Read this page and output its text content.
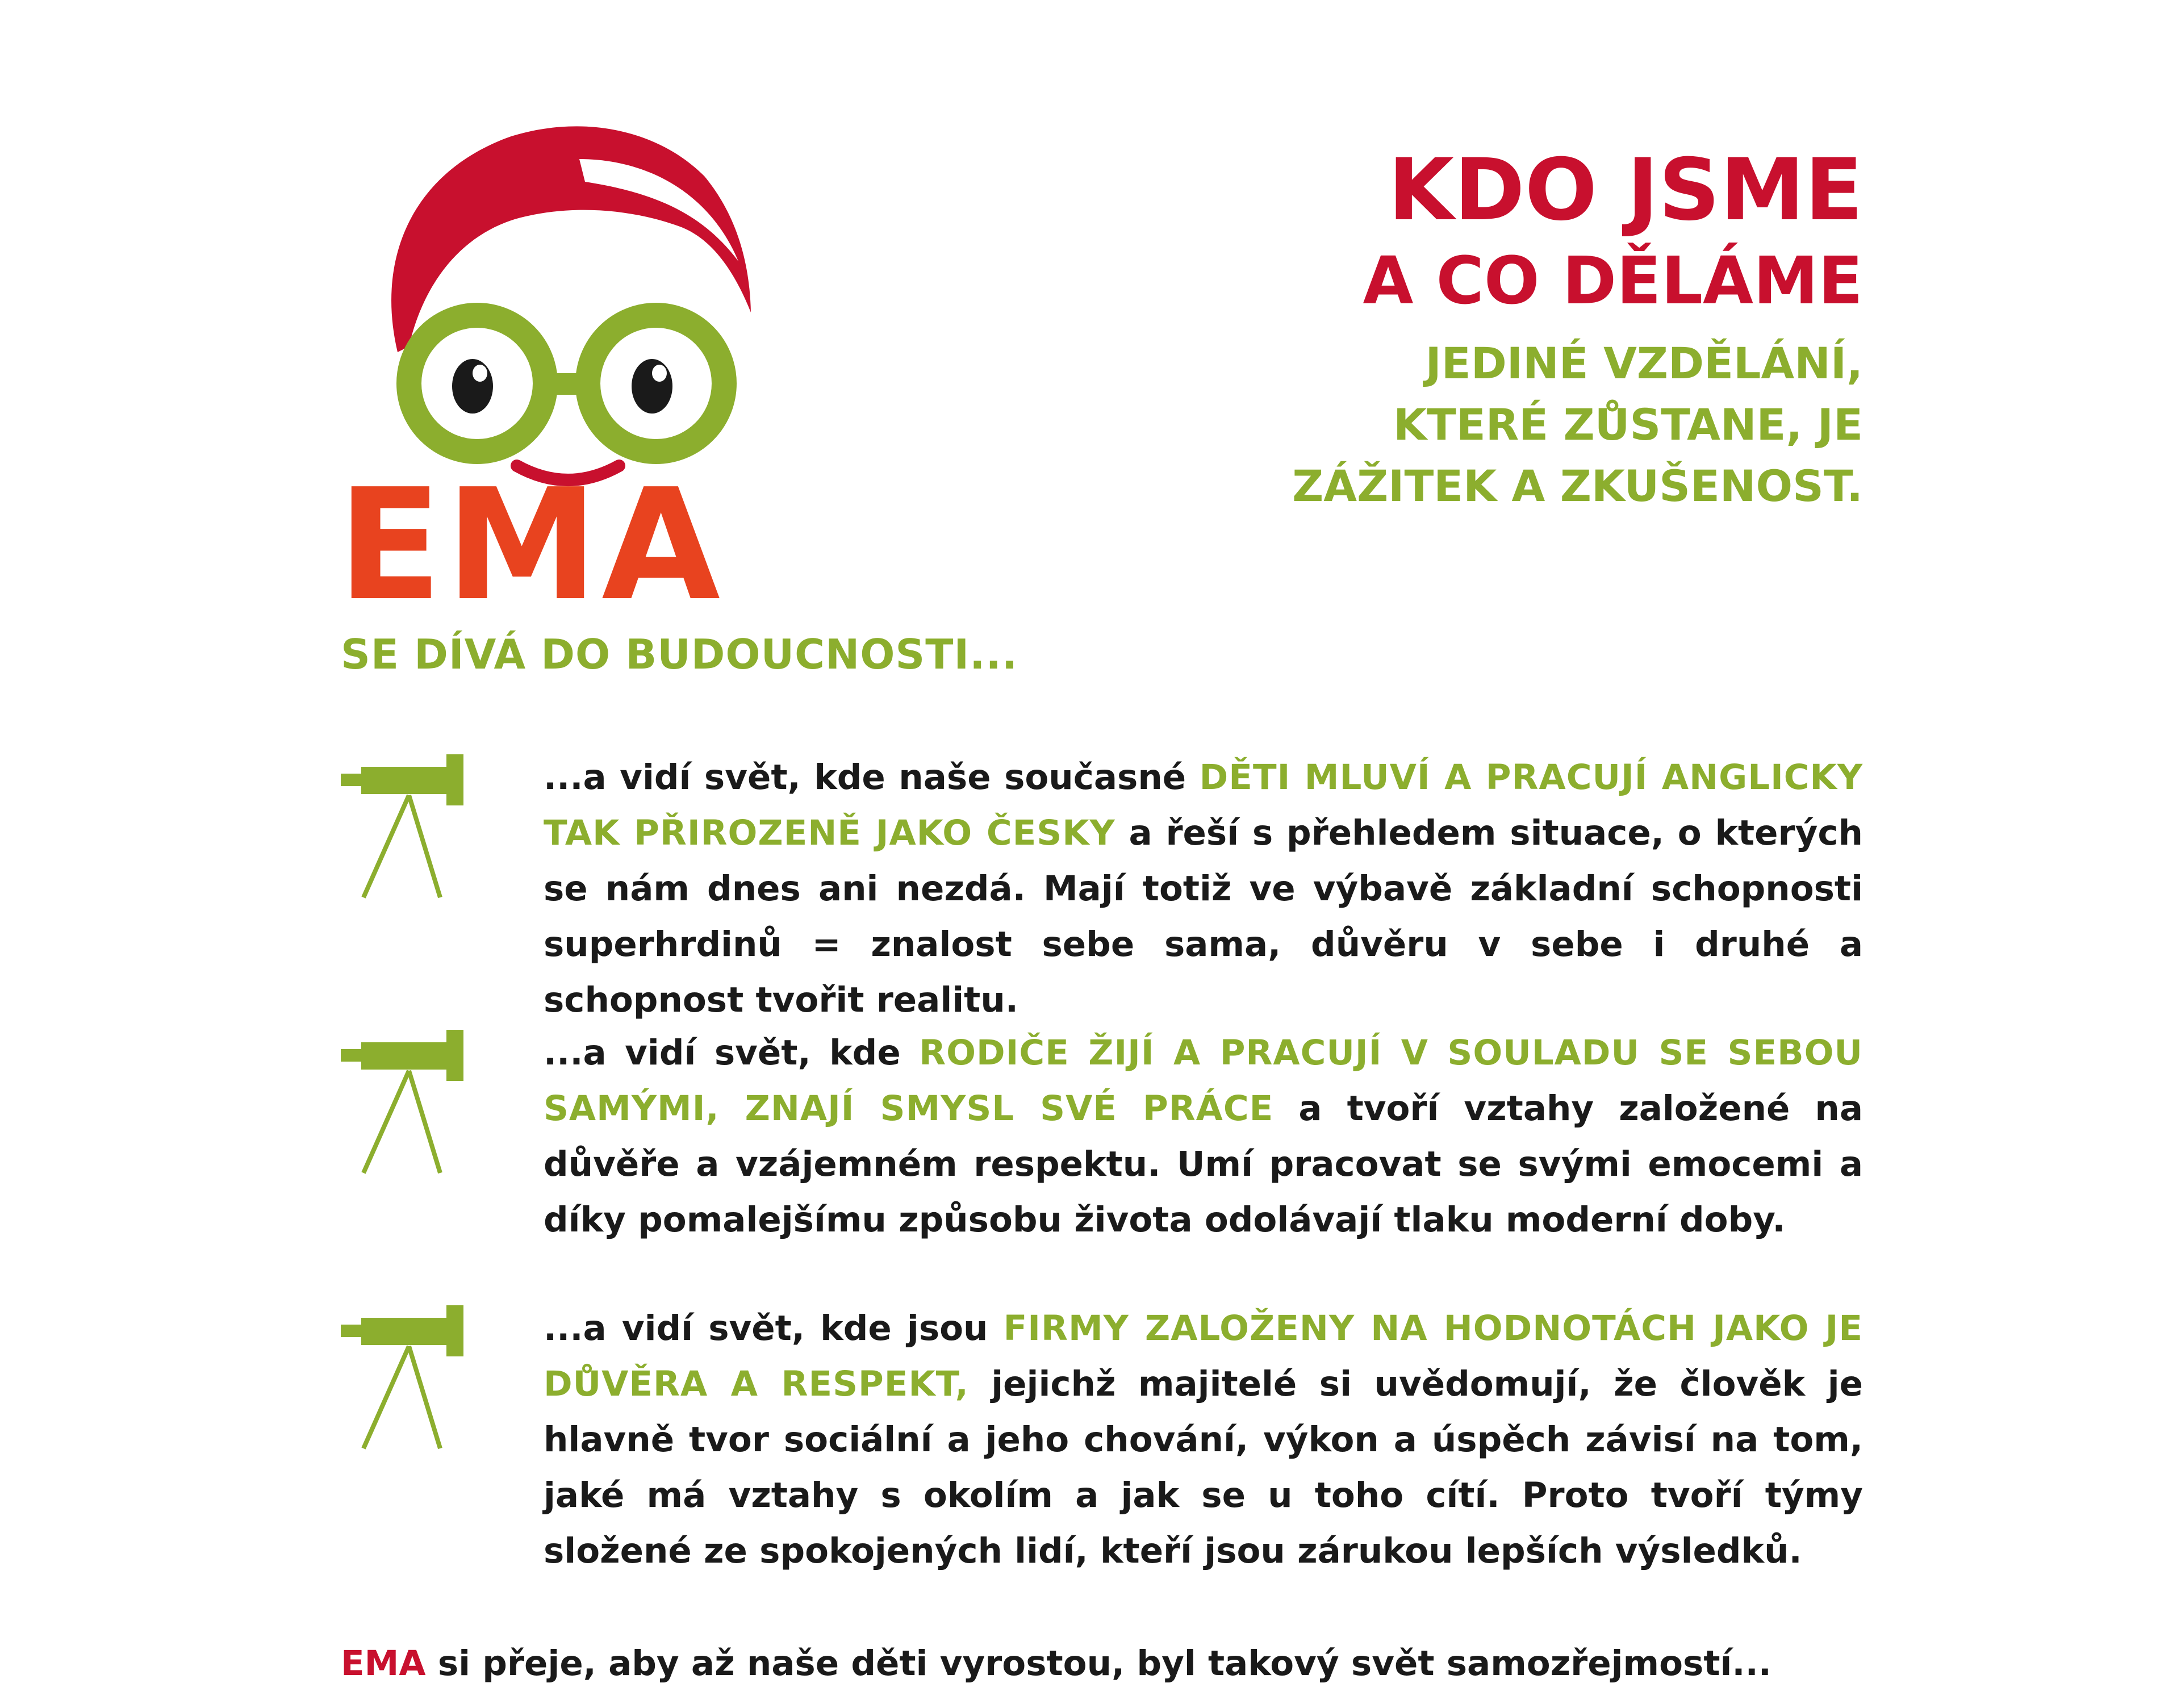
EMA
SE DÍVÁ DO BUDOUCNOSTI...
KDO JSME
A CO DĚLÁME
JEDINÉ VZDĚLÁNÍ,
KTERÉ ZŮSTANE, JE
ZÁŽITEK A ZKUŠENOST.
...a vidí svět, kde naše současné DĚTI MLUVÍ A PRACUJÍ ANGLICKY TAK PŘIROZENĚ JAKO ČESKY a řeší s přehledem situace, o kterých se nám dnes ani nezdá. Mají totiž ve výbavě základní schopnosti superhrdinů = znalost sebe sama, důvěru v sebe i druhé a schopnost tvořit realitu.
...a vidí svět, kde RODIČE ŽIJÍ A PRACUJÍ V SOULADU SE SEBOU SAMÝMI, ZNAJÍ SMYSL SVÉ PRÁCE a tvoří vztahy založené na důvěře a vzájemném respektu. Umí pracovat se svými emocemi a díky pomalejšímu způsobu života odolávají tlaku moderní doby.
...a vidí svět, kde jsou FIRMY ZALOŽENY NA HODNOTÁCH JAKO JE DŮVĚRA A RESPEKT, jejichž majitelé si uvědomují, že člověk je hlavně tvor sociální a jeho chování, výkon a úspěch závisí na tom, jaké má vztahy s okolím a jak se u toho cítí. Proto tvoří týmy složené ze spokojených lidí, kteří jsou zárukou lepších výsledků.
EMA si přeje, aby až naše děti vyrostou, byl takový svět samozřejmostí...
